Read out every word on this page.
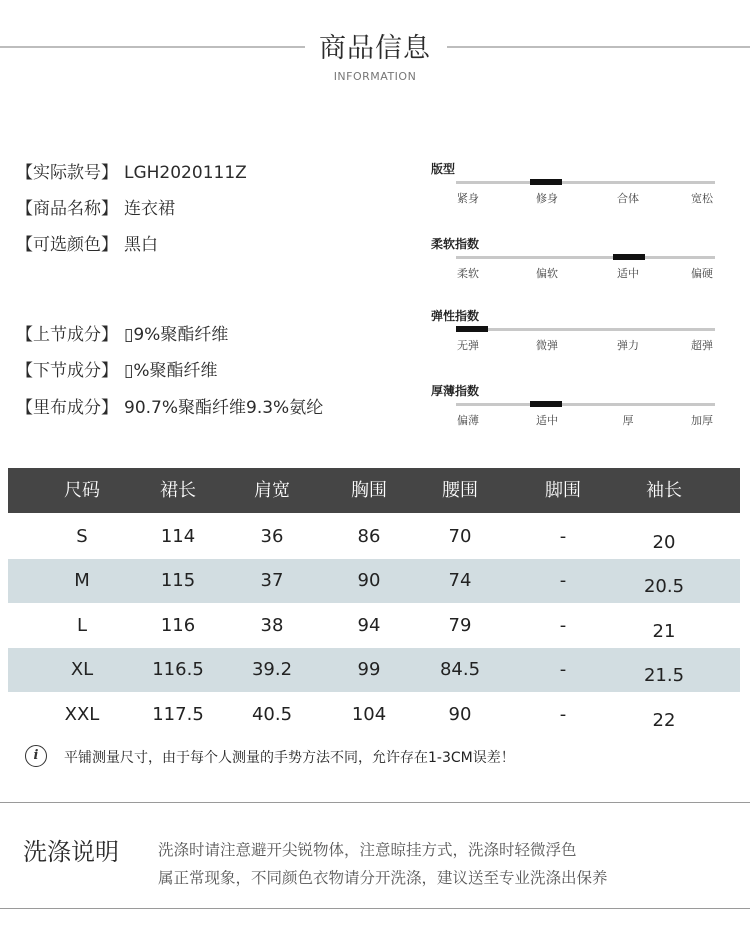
商品信息
INFORMATION
【实际款号】 LGH2020111Z
【商品名称】 连衣裙
【可选颜色】 黑白
【上节成分】 ▯9%聚酯纤维
【下节成分】 ▯%聚酯纤维
【里布成分】 90.7%聚酯纤维9.3%氨纶
版型
紧身	修身	合体	宽松
柔软指数
柔软	偏软	适中	偏硬
弹性指数
无弹	微弹	弹力	超弹
厚薄指数
偏薄	适中	厚	加厚
尺码	裙长	肩宽	胸围	腰围	脚围	袖长
S	114	36	86	70	-	20
M	115	37	90	74	-	20.5
L	116	38	94	79	-	21
XL	116.5	39.2	99	84.5	-	21.5
XXL	117.5	40.5	104	90	-	22
i	平铺测量尺寸，由于每个人测量的手势方法不同，允许存在1-3CM误差！
洗涤说明	洗涤时请注意避开尖锐物体，注意晾挂方式，洗涤时轻微浮色
属正常现象，不同颜色衣物请分开洗涤，建议送至专业洗涤出保养
